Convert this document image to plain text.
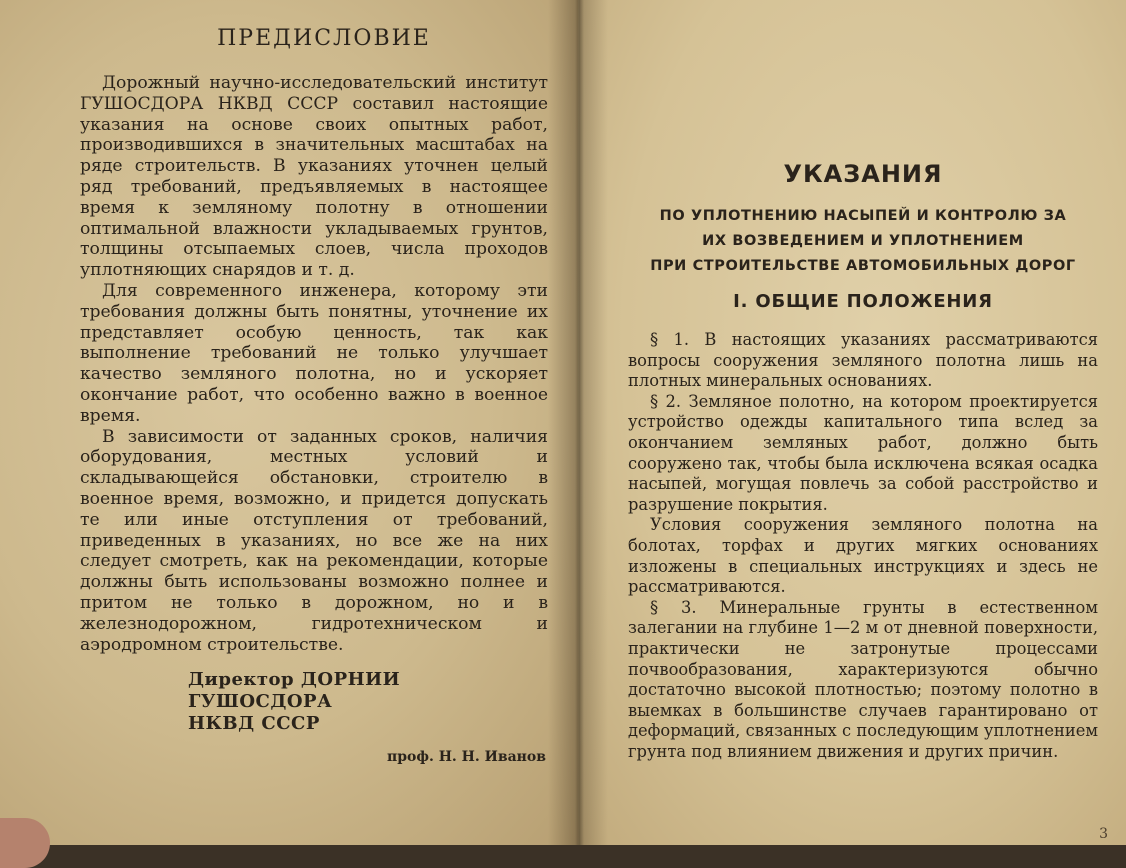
ПРЕДИСЛОВИЕ

Дорожный научно-исследовательский институт ГУШОСДОРА НКВД СССР составил настоящие указания на основе своих опытных работ, производившихся в значительных масштабах на ряде строительств. В указаниях уточнен целый ряд требований, предъявляемых в настоящее время к земляному полотну в отношении оптимальной влажности укладываемых грунтов, толщины отсыпаемых слоев, числа проходов уплотняющих снарядов и т. д.

Для современного инженера, которому эти требования должны быть понятны, уточнение их представляет особую ценность, так как выполнение требований не только улучшает качество земляного полотна, но и ускоряет окончание работ, что особенно важно в военное время.

В зависимости от заданных сроков, наличия оборудования, местных условий и складывающейся обстановки, строителю в военное время, возможно, и придется допускать те или иные отступления от требований, приведенных в указаниях, но все же на них следует смотреть, как на рекомендации, которые должны быть использованы возможно полнее и притом не только в дорожном, но и в железнодорожном, гидротехническом и аэродромном строительстве.

Директор ДОРНИИ ГУШОСДОРА
НКВД СССР
проф. Н. Н. Иванов
УКАЗАНИЯ
ПО УПЛОТНЕНИЮ НАСЫПЕЙ И КОНТРОЛЮ ЗА
ИХ ВОЗВЕДЕНИЕМ И УПЛОТНЕНИЕМ
ПРИ СТРОИТЕЛЬСТВЕ АВТОМОБИЛЬНЫХ ДОРОГ
I. ОБЩИЕ ПОЛОЖЕНИЯ

§ 1. В настоящих указаниях рассматриваются вопросы сооружения земляного полотна лишь на плотных минеральных основаниях.

§ 2. Земляное полотно, на котором проектируется устройство одежды капитального типа вслед за окончанием земляных работ, должно быть сооружено так, чтобы была исключена всякая осадка насыпей, могущая повлечь за собой расстройство и разрушение покрытия.

Условия сооружения земляного полотна на болотах, торфах и других мягких основаниях изложены в специальных инструкциях и здесь не рассматриваются.

§ 3. Минеральные грунты в естественном залегании на глубине 1—2 м от дневной поверхности, практически не затронутые процессами почвообразования, характеризуются обычно достаточно высокой плотностью; поэтому полотно в выемках в большинстве случаев гарантировано от деформаций, связанных с последующим уплотнением грунта под влиянием движения и других причин.

3
